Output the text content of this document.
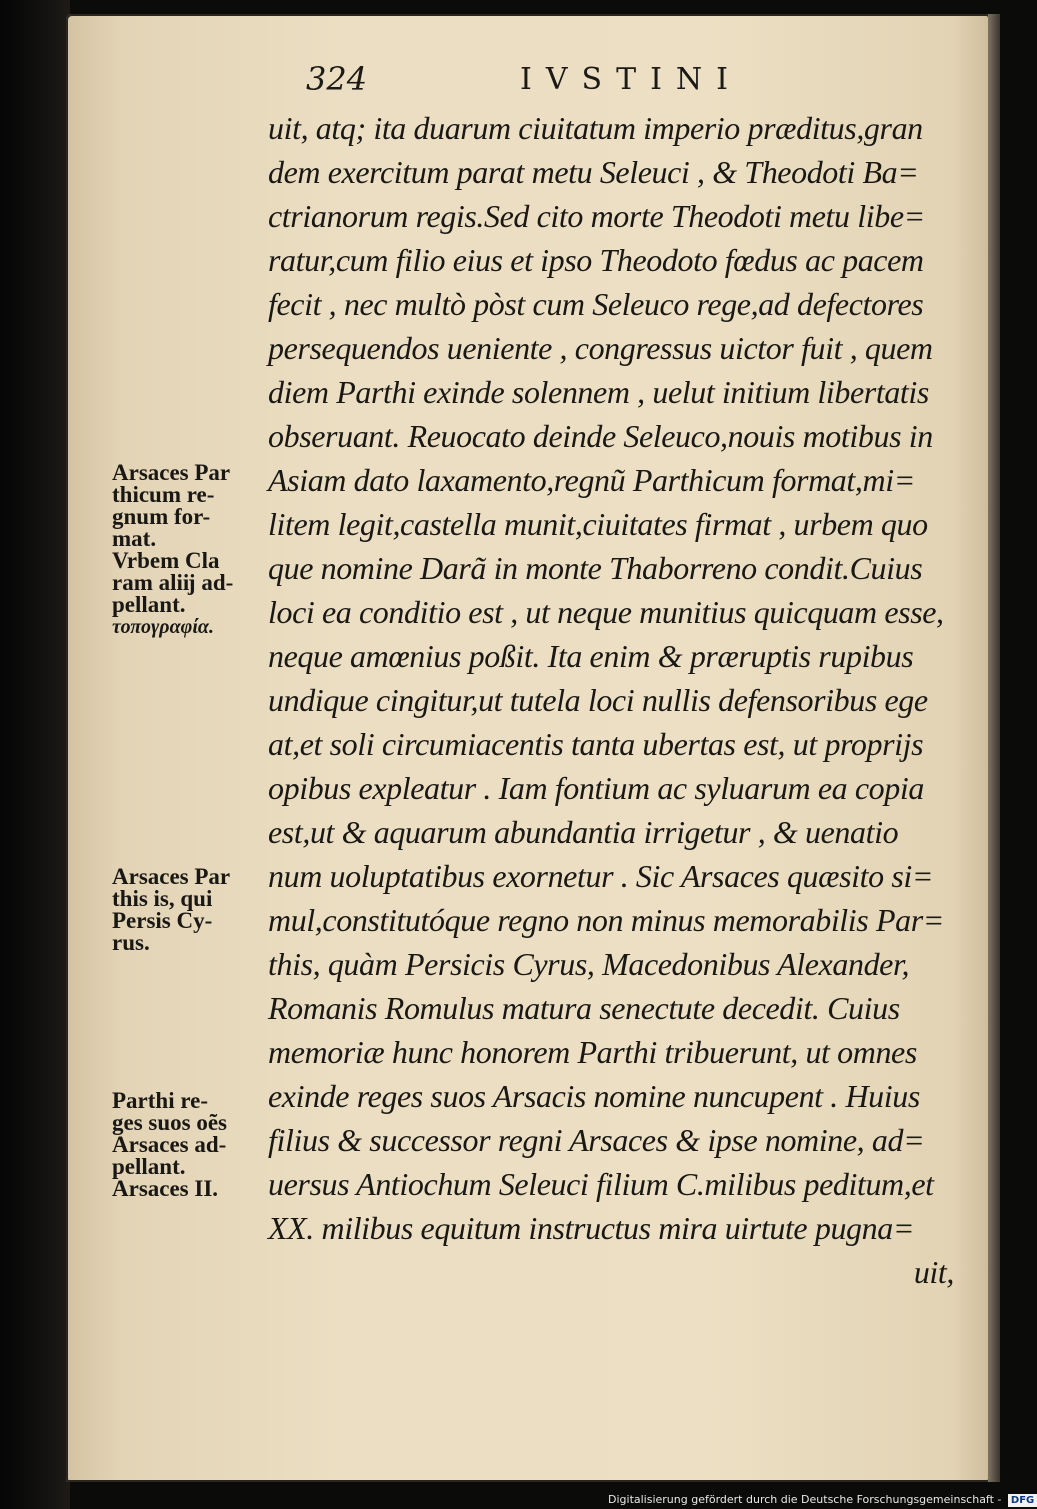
324	IVSTINI
uit, atq; ita duarum ciuitatum imperio præditus,gran
dem exercitum parat metu Seleuci , & Theodoti Ba=
ctrianorum regis.Sed cito morte Theodoti metu libe=
ratur,cum filio eius et ipso Theodoto fœdus ac pacem
fecit , nec multò pòst cum Seleuco rege,ad defectores
persequendos ueniente , congressus uictor fuit , quem
diem Parthi exinde solennem , uelut initium libertatis
obseruant. Reuocato deinde Seleuco,nouis motibus in
Asiam dato laxamento,regnũ Parthicum format,mi=
litem legit,castella munit,ciuitates firmat , urbem quo
que nomine Darã in monte Thaborreno condit.Cuius
loci ea conditio est , ut neque munitius quicquam esse,
neque amœnius poßit. Ita enim & præruptis rupibus
undique cingitur,ut tutela loci nullis defensoribus ege
at,et soli circumiacentis tanta ubertas est, ut proprijs
opibus expleatur . Iam fontium ac syluarum ea copia
est,ut & aquarum abundantia irrigetur , & uenatio
num uoluptatibus exornetur . Sic Arsaces quæsito si=
mul,constitutóque regno non minus memorabilis Par=
this, quàm Persicis Cyrus, Macedonibus Alexander,
Romanis Romulus matura senectute decedit. Cuius
memoriæ hunc honorem Parthi tribuerunt, ut omnes
exinde reges suos Arsacis nomine nuncupent . Huius
filius & successor regni Arsaces & ipse nomine, ad=
uersus Antiochum Seleuci filium C.milibus peditum,et
XX. milibus equitum instructus mira uirtute pugna=
uit,
Arsaces Par
thicum re-
gnum for-
mat.
Vrbem Cla
ram aliĳ ad-
pellant.
τοπογραφία.
Arsaces Par
this is, qui
Persis Cy-
rus.
Parthi re-
ges suos oẽs
Arsaces ad-
pellant.
Arsaces II.
Digitalisierung gefördert durch die Deutsche Forschungsgemeinschaft - DFG
